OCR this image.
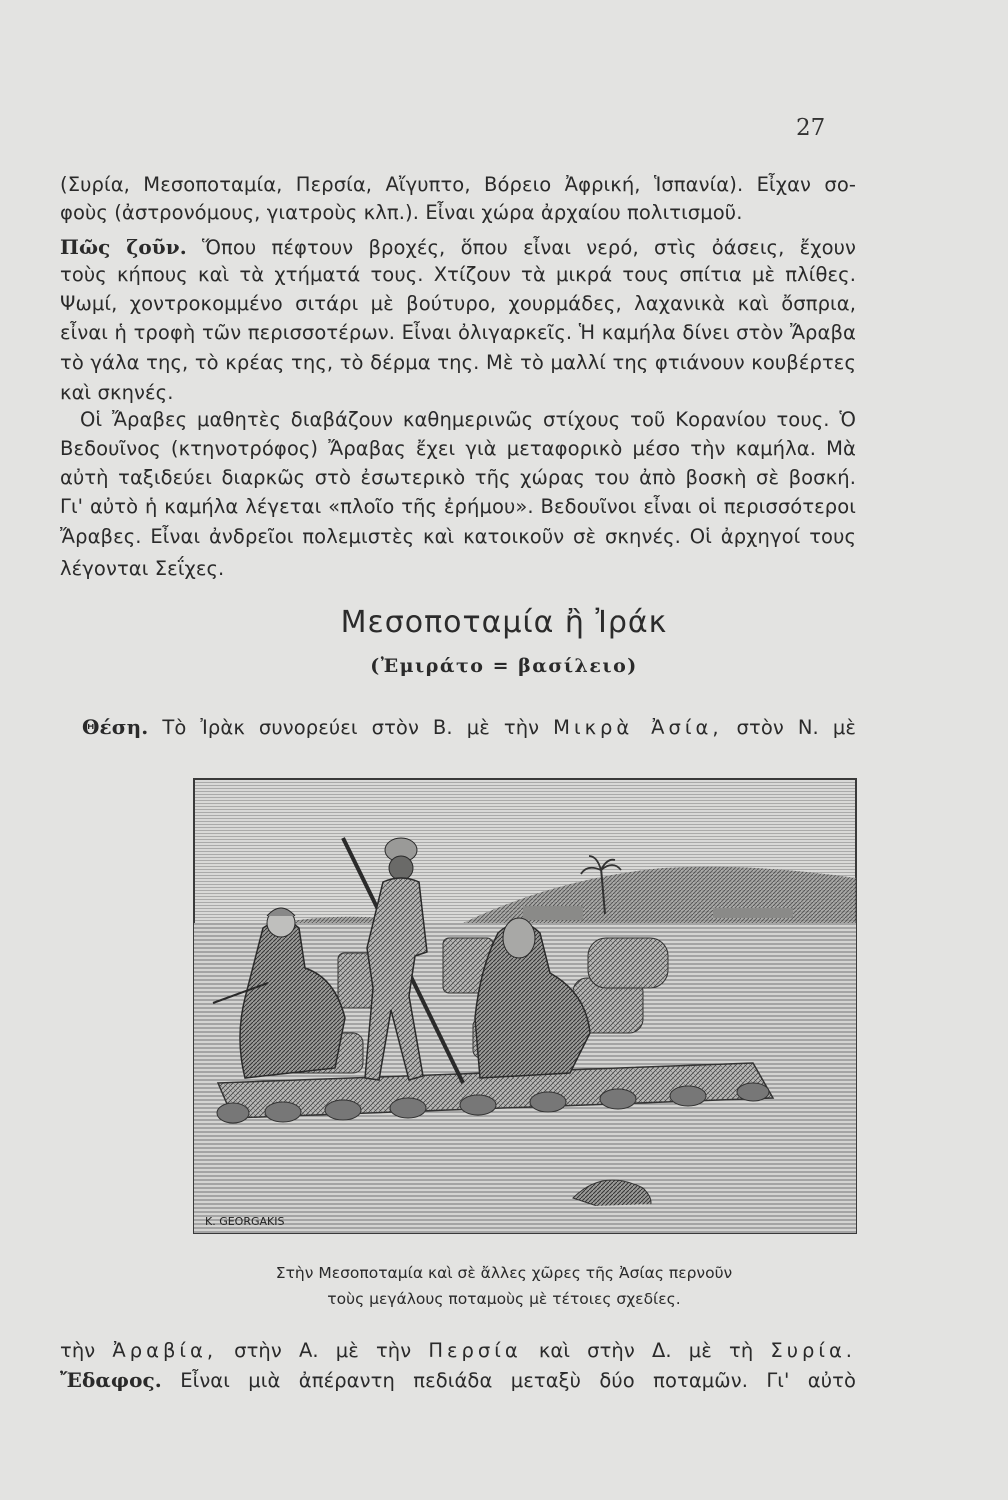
27
(Συρία, Μεσοποταμία, Περσία, Αἴγυπτο, Βόρειο Ἀφρική, Ἱσπανία). Εἶχαν σο-
φοὺς (ἀστρονόμους, γιατροὺς κλπ.). Εἶναι χώρα ἀρχαίου πολιτισμοῦ.
Πῶς ζοῦν. Ὅπου πέφτουν βροχές, ὅπου εἶναι νερό, στὶς ὀάσεις, ἔχουν
τοὺς κήπους καὶ τὰ χτήματά τους. Χτίζουν τὰ μικρά τους σπίτια μὲ πλίθες.
Ψωμί, χοντροκομμένο σιτάρι μὲ βούτυρο, χουρμάδες, λαχανικὰ καὶ ὄσπρια,
εἶναι ἡ τροφὴ τῶν περισσοτέρων. Εἶναι ὀλιγαρκεῖς. Ἡ καμήλα δίνει στὸν Ἄραβα
τὸ γάλα της, τὸ κρέας της, τὸ δέρμα της. Μὲ τὸ μαλλί της φτιάνουν κουβέρτες
καὶ σκηνές.
Οἱ Ἄραβες μαθητὲς διαβάζουν καθημερινῶς στίχους τοῦ Κορανίου τους. Ὁ
Βεδουῖνος (κτηνοτρόφος) Ἄραβας ἔχει γιὰ μεταφορικὸ μέσο τὴν καμήλα. Μὰ
αὐτὴ ταξιδεύει διαρκῶς στὸ ἐσωτερικὸ τῆς χώρας του ἀπὸ βοσκὴ σὲ βοσκή.
Γι' αὐτὸ ἡ καμήλα λέγεται «πλοῖο τῆς ἐρήμου». Βεδουῖνοι εἶναι οἱ περισσότεροι
Ἄραβες. Εἶναι ἀνδρεῖοι πολεμιστὲς καὶ κατοικοῦν σὲ σκηνές. Οἱ ἀρχηγοί τους
λέγονται Σεΐχες.
Μεσοποταμία ἢ Ἰράκ
(Ἐμιράτο = βασίλειο)
Θέση. Τὸ Ἰρὰκ συνορεύει στὸν Β. μὲ τὴν Μικρὰ Ἀσία, στὸν Ν. μὲ
K. GEORGAKIS
Στὴν Μεσοποταμία καὶ σὲ ἄλλες χῶρες τῆς Ἀσίας περνοῦν
τοὺς μεγάλους ποταμοὺς μὲ τέτοιες σχεδίες.
τὴν Ἀραβία, στὴν Α. μὲ τὴν Περσία καὶ στὴν Δ. μὲ τὴ Συρία.
Ἔδαφος. Εἶναι μιὰ ἀπέραντη πεδιάδα μεταξὺ δύο ποταμῶν. Γι' αὐτὸ
